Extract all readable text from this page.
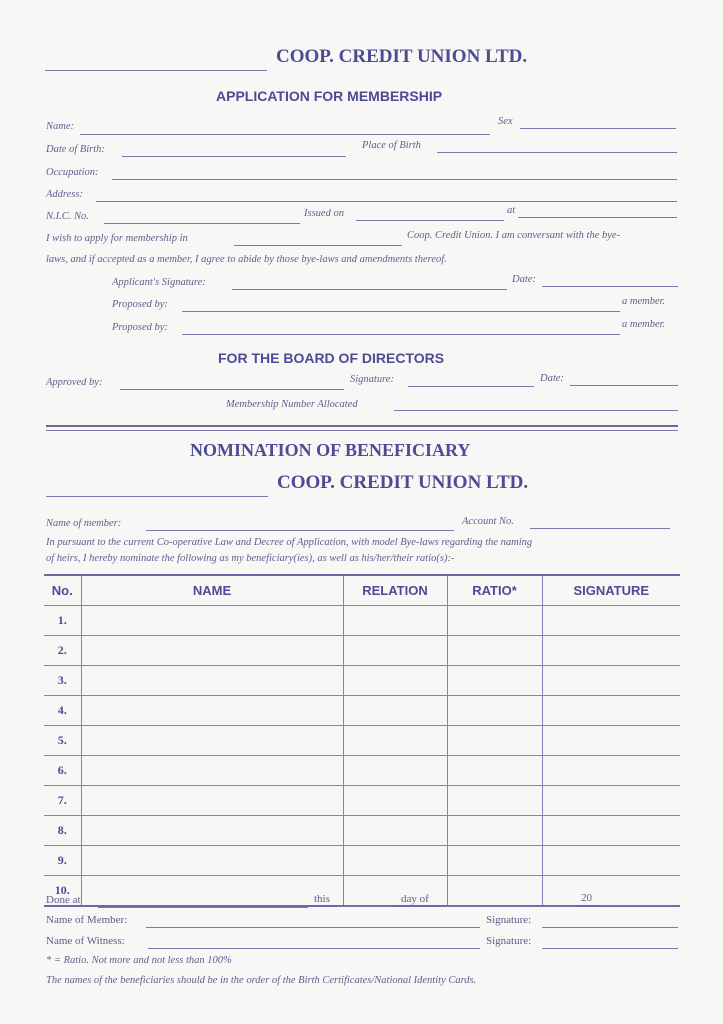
COOP. CREDIT UNION LTD.
APPLICATION FOR MEMBERSHIP
Name:	Sex
Date of Birth:	Place of Birth
Occupation:
Address:
N.I.C. No.	Issued on	at
I wish to apply for membership in	Coop. Credit Union. I am conversant with the bye-
laws, and if accepted as a member, I agree to abide by those bye-laws and amendments thereof.
Applicant's Signature:	Date:
Proposed by:	a member.
Proposed by:	a member.
FOR THE BOARD OF DIRECTORS
Approved by:	Signature:	Date:
Membership Number Allocated
NOMINATION OF BENEFICIARY
COOP. CREDIT UNION LTD.
Name of member:	Account No.
In pursuant to the current Co-operative Law and Decree of Application, with model Bye-laws regarding the naming
of heirs, I hereby nominate the following as my beneficiary(ies), as well as his/her/their ratio(s):-
No.	NAME	RELATION	RATIO*	SIGNATURE
1.				
2.				
3.				
4.				
5.				
6.				
7.				
8.				
9.				
10.				
Done at	this	day of	20
Name of Member:	Signature:
Name of Witness:	Signature:
* = Ratio. Not more and not less than 100%
The names of the beneficiaries should be in the order of the Birth Certificates/National Identity Cards.
